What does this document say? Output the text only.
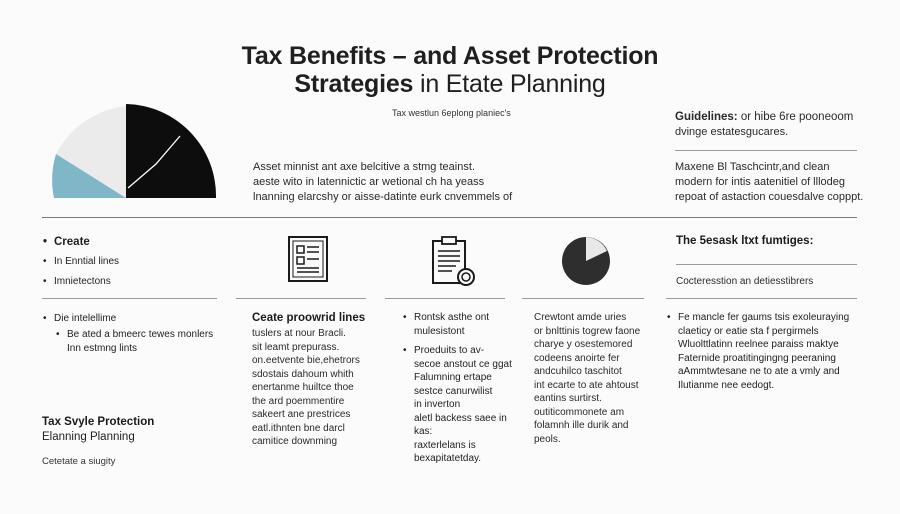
Tax Benefits – and Asset Protection
Strategies in Etate Planning
Tax westlun 6eplong planiec's
Asset minnist ant axe belcitive a stmg teainst.
aeste wito in latennictic ar wetional ch ha yeass
lnanning elarcshy or aisse-datinte eurk cnvemmels of
Guidelines: or hibe 6re pooneoom
dvinge estatesgucares.
Maxene Bl Taschcintr,and clean
modern for intis aatenitiel of lllodeg
repoat of astaction couesdalve copppt.
• Create
• In Enntial lines
• Imnietectons
• Die intelellime
• Be ated a bmeerc tewes monlers
Inn estmng lints
Tax Svyle Protection
Elanning Planning
Cetetate a siugity
The 5esask ltxt fumtiges:
Cocteresstion an detiesstibrers
Ceate proowrid lines
tuslers at nour Bracli.
sit leamt prepurass.
on.eetvente bie,ehetrors
sdostais dahoum whith
enertanme huiltce thoe
the ard poemmentire
sakeert ane prestrices
eatl.ithnten bne darcl
camitice downming
• Rontsk asthe ont
mulesistont
• Proeduits to av-
secoe anstout ce ggat
Falumning ertape
sestce canurwilist
in inverton
aletl backess saee in
kas:
raxterlelans is
bexapitatetday.
Crewtont amde uries
or bnlttinis togrew faone
charye y osestemored
codeens anoirte fer
andcuhilco taschitot
int ecarte to ate ahtoust
eantins surtirst.
outiticommonete am
folamnh ille durik and
peols.
• Fe mancle fer gaums tsis exoleuraying
claeticy or eatie sta f pergirmels
Wluolttlatinn reelnee paraiss maktye
Faternide proatitingingng peeraning
aAmmtwtesane ne to ate a vmly and
Ilutianme nee eedogt.
